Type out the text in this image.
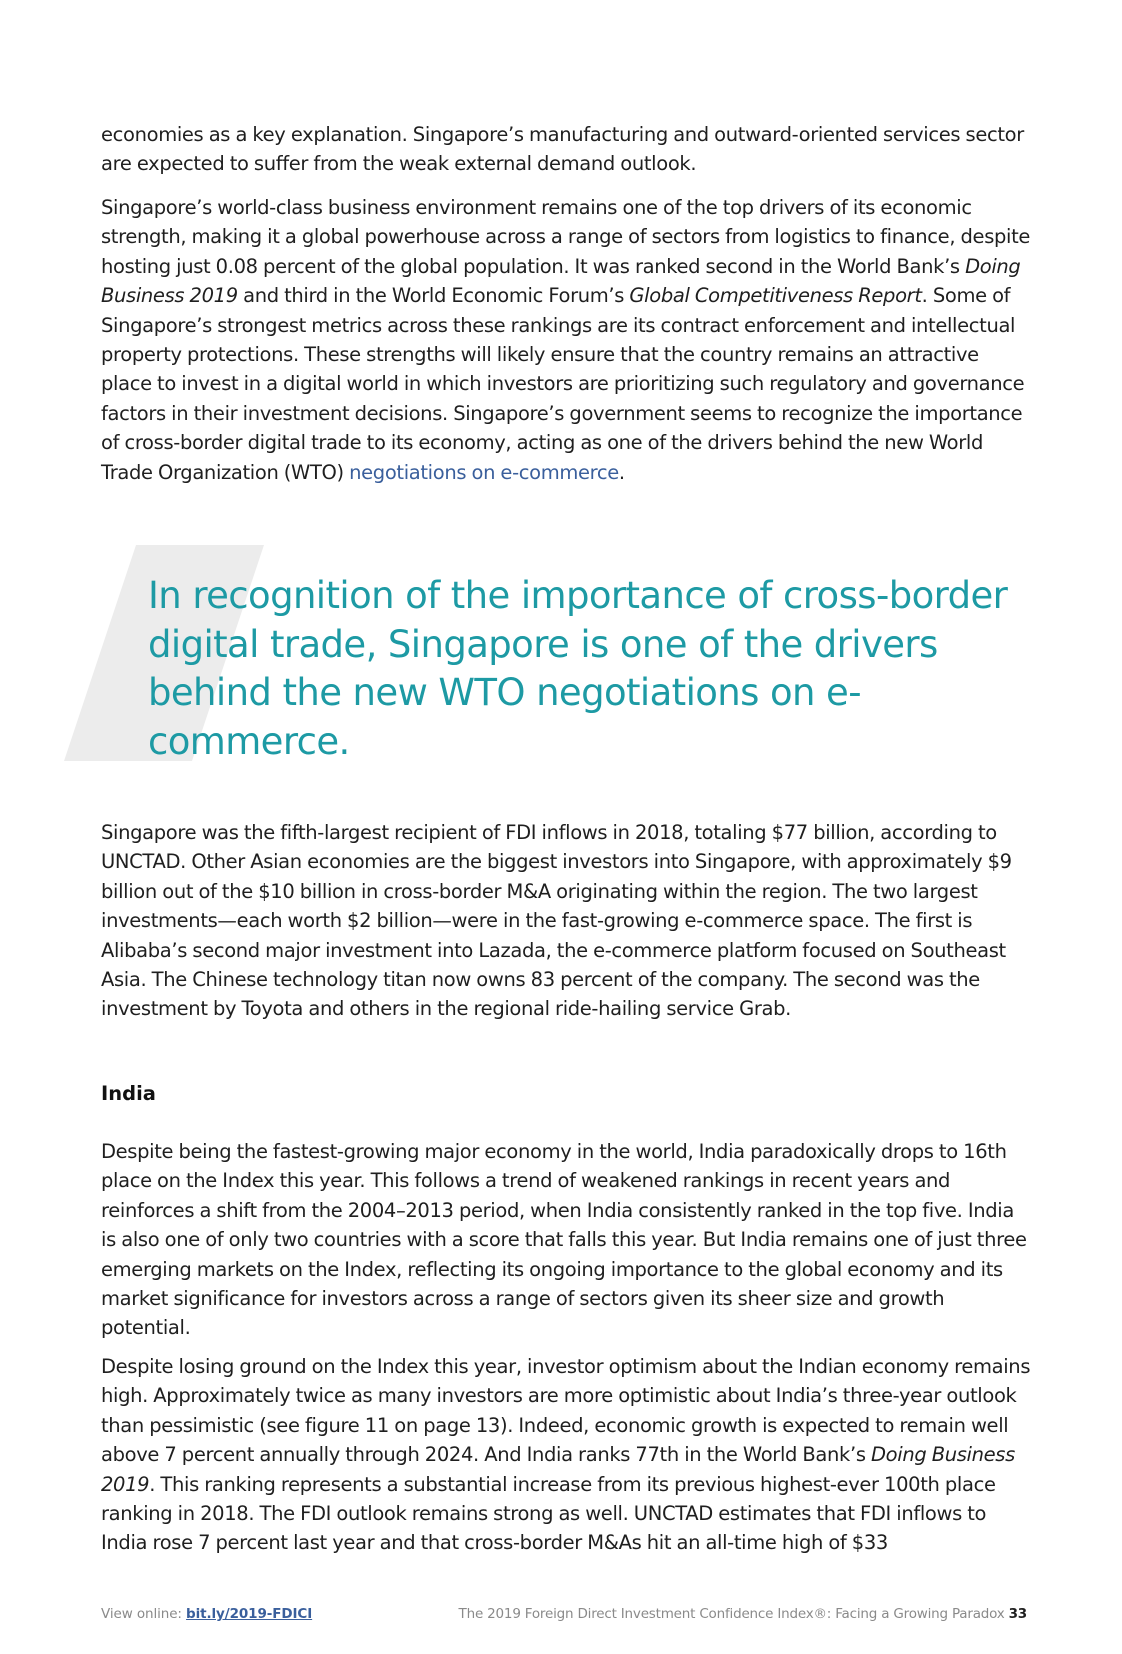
economies as a key explanation. Singapore’s manufacturing and outward-oriented services sector are expected to suffer from the weak external demand outlook.

Singapore’s world-class business environment remains one of the top drivers of its economic strength, making it a global powerhouse across a range of sectors from logistics to finance, despite hosting just 0.08 percent of the global population. It was ranked second in the World Bank’s Doing Business 2019 and third in the World Economic Forum’s Global Competitiveness Report. Some of Singapore’s strongest metrics across these rankings are its contract enforcement and intellectual property protections. These strengths will likely ensure that the country remains an attractive place to invest in a digital world in which investors are prioritizing such regulatory and governance factors in their investment decisions. Singapore’s government seems to recognize the importance of cross-border digital trade to its economy, acting as one of the drivers behind the new World Trade Organization (WTO) negotiations on e-commerce.

In recognition of the importance of cross-border digital trade, Singapore is one of the drivers behind the new WTO negotiations on e-commerce.

Singapore was the fifth-largest recipient of FDI inflows in 2018, totaling $77 billion, according to UNCTAD. Other Asian economies are the biggest investors into Singapore, with approximately $9 billion out of the $10 billion in cross-border M&A originating within the region. The two largest investments—each worth $2 billion—were in the fast-growing e-commerce space. The first is Alibaba’s second major investment into Lazada, the e-commerce platform focused on Southeast Asia. The Chinese technology titan now owns 83 percent of the company. The second was the investment by Toyota and others in the regional ride-hailing service Grab.

India

Despite being the fastest-growing major economy in the world, India paradoxically drops to 16th place on the Index this year. This follows a trend of weakened rankings in recent years and reinforces a shift from the 2004–2013 period, when India consistently ranked in the top five. India is also one of only two countries with a score that falls this year. But India remains one of just three emerging markets on the Index, reflecting its ongoing importance to the global economy and its market significance for investors across a range of sectors given its sheer size and growth potential.

Despite losing ground on the Index this year, investor optimism about the Indian economy remains high. Approximately twice as many investors are more optimistic about India’s three-year outlook than pessimistic (see figure 11 on page 13). Indeed, economic growth is expected to remain well above 7 percent annually through 2024. And India ranks 77th in the World Bank’s Doing Business 2019. This ranking represents a substantial increase from its previous highest-ever 100th place ranking in 2018. The FDI outlook remains strong as well. UNCTAD estimates that FDI inflows to India rose 7 percent last year and that cross-border M&As hit an all-time high of $33

View online: bit.ly/2019-FDICI	The 2019 Foreign Direct Investment Confidence Index®: Facing a Growing Paradox 33
